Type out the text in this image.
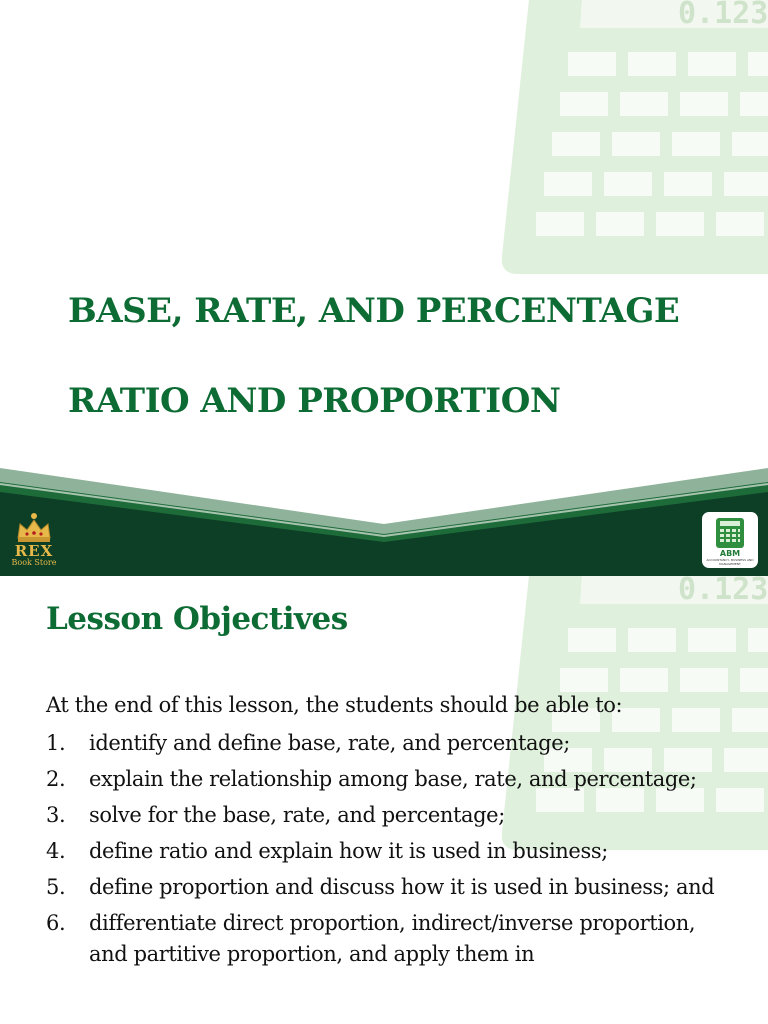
0.123
BASE, RATE, AND PERCENTAGE
RATIO AND PROPORTION
REX
Book Store
ABM
ACCOUNTANCY, BUSINESS AND MANAGEMENT
0.123
Lesson Objectives

At the end of this lesson, the students should be able to:

1. identify and define base, rate, and percentage;
2. explain the relationship among base, rate, and percentage;
3. solve for the base, rate, and percentage;
4. define ratio and explain how it is used in business;
5. define proportion and discuss how it is used in business; and
6. differentiate direct proportion, indirect/inverse proportion, and partitive proportion, and apply them in
